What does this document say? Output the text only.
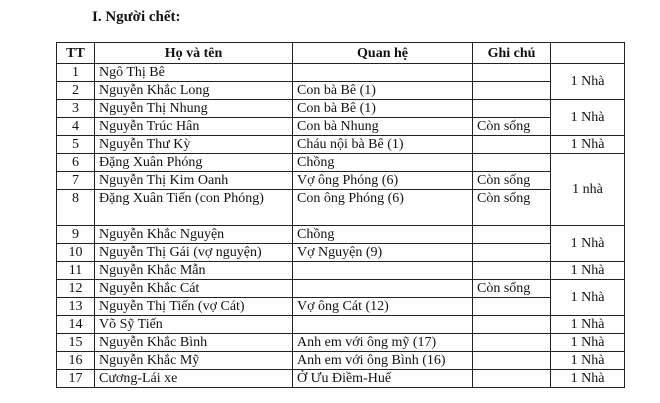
I. Người chết:
TT	Họ và tên	Quan hệ	Ghi chú	
1	Ngô Thị Bê			1 Nhà
2	Nguyễn Khắc Long	Con bà Bê (1)		
3	Nguyễn Thị Nhung	Con bà Bê (1)		1 Nhà
4	Nguyễn Trúc Hân	Con bà Nhung	Còn sống	
5	Nguyễn Thư Kỳ	Cháu nội bà Bê (1)		1 Nhà
6	Đặng Xuân Phóng	Chồng		1 nhà
7	Nguyễn Thị Kim Oanh	Vợ ông Phóng (6)	Còn sống	
8	Đặng Xuân Tiến (con Phóng)	Con ông Phóng (6)	Còn sống	
9	Nguyễn Khắc Nguyện	Chồng		1 Nhà
10	Nguyễn Thị Gái (vợ nguyện)	Vợ Nguyện (9)		
11	Nguyễn Khắc Mẫn			1 Nhà
12	Nguyễn Khắc Cát		Còn sống	1 Nhà
13	Nguyễn Thị Tiến (vợ Cát)	Vợ ông Cát (12)		
14	Võ Sỹ Tiến			1 Nhà
15	Nguyễn Khắc Bình	Anh em với ông mỹ (17)		1 Nhà
16	Nguyễn Khắc Mỹ	Anh em với ông Bình (16)		1 Nhà
17	Cương-Lái xe	Ở Ưu Điềm-Huế		1 Nhà
